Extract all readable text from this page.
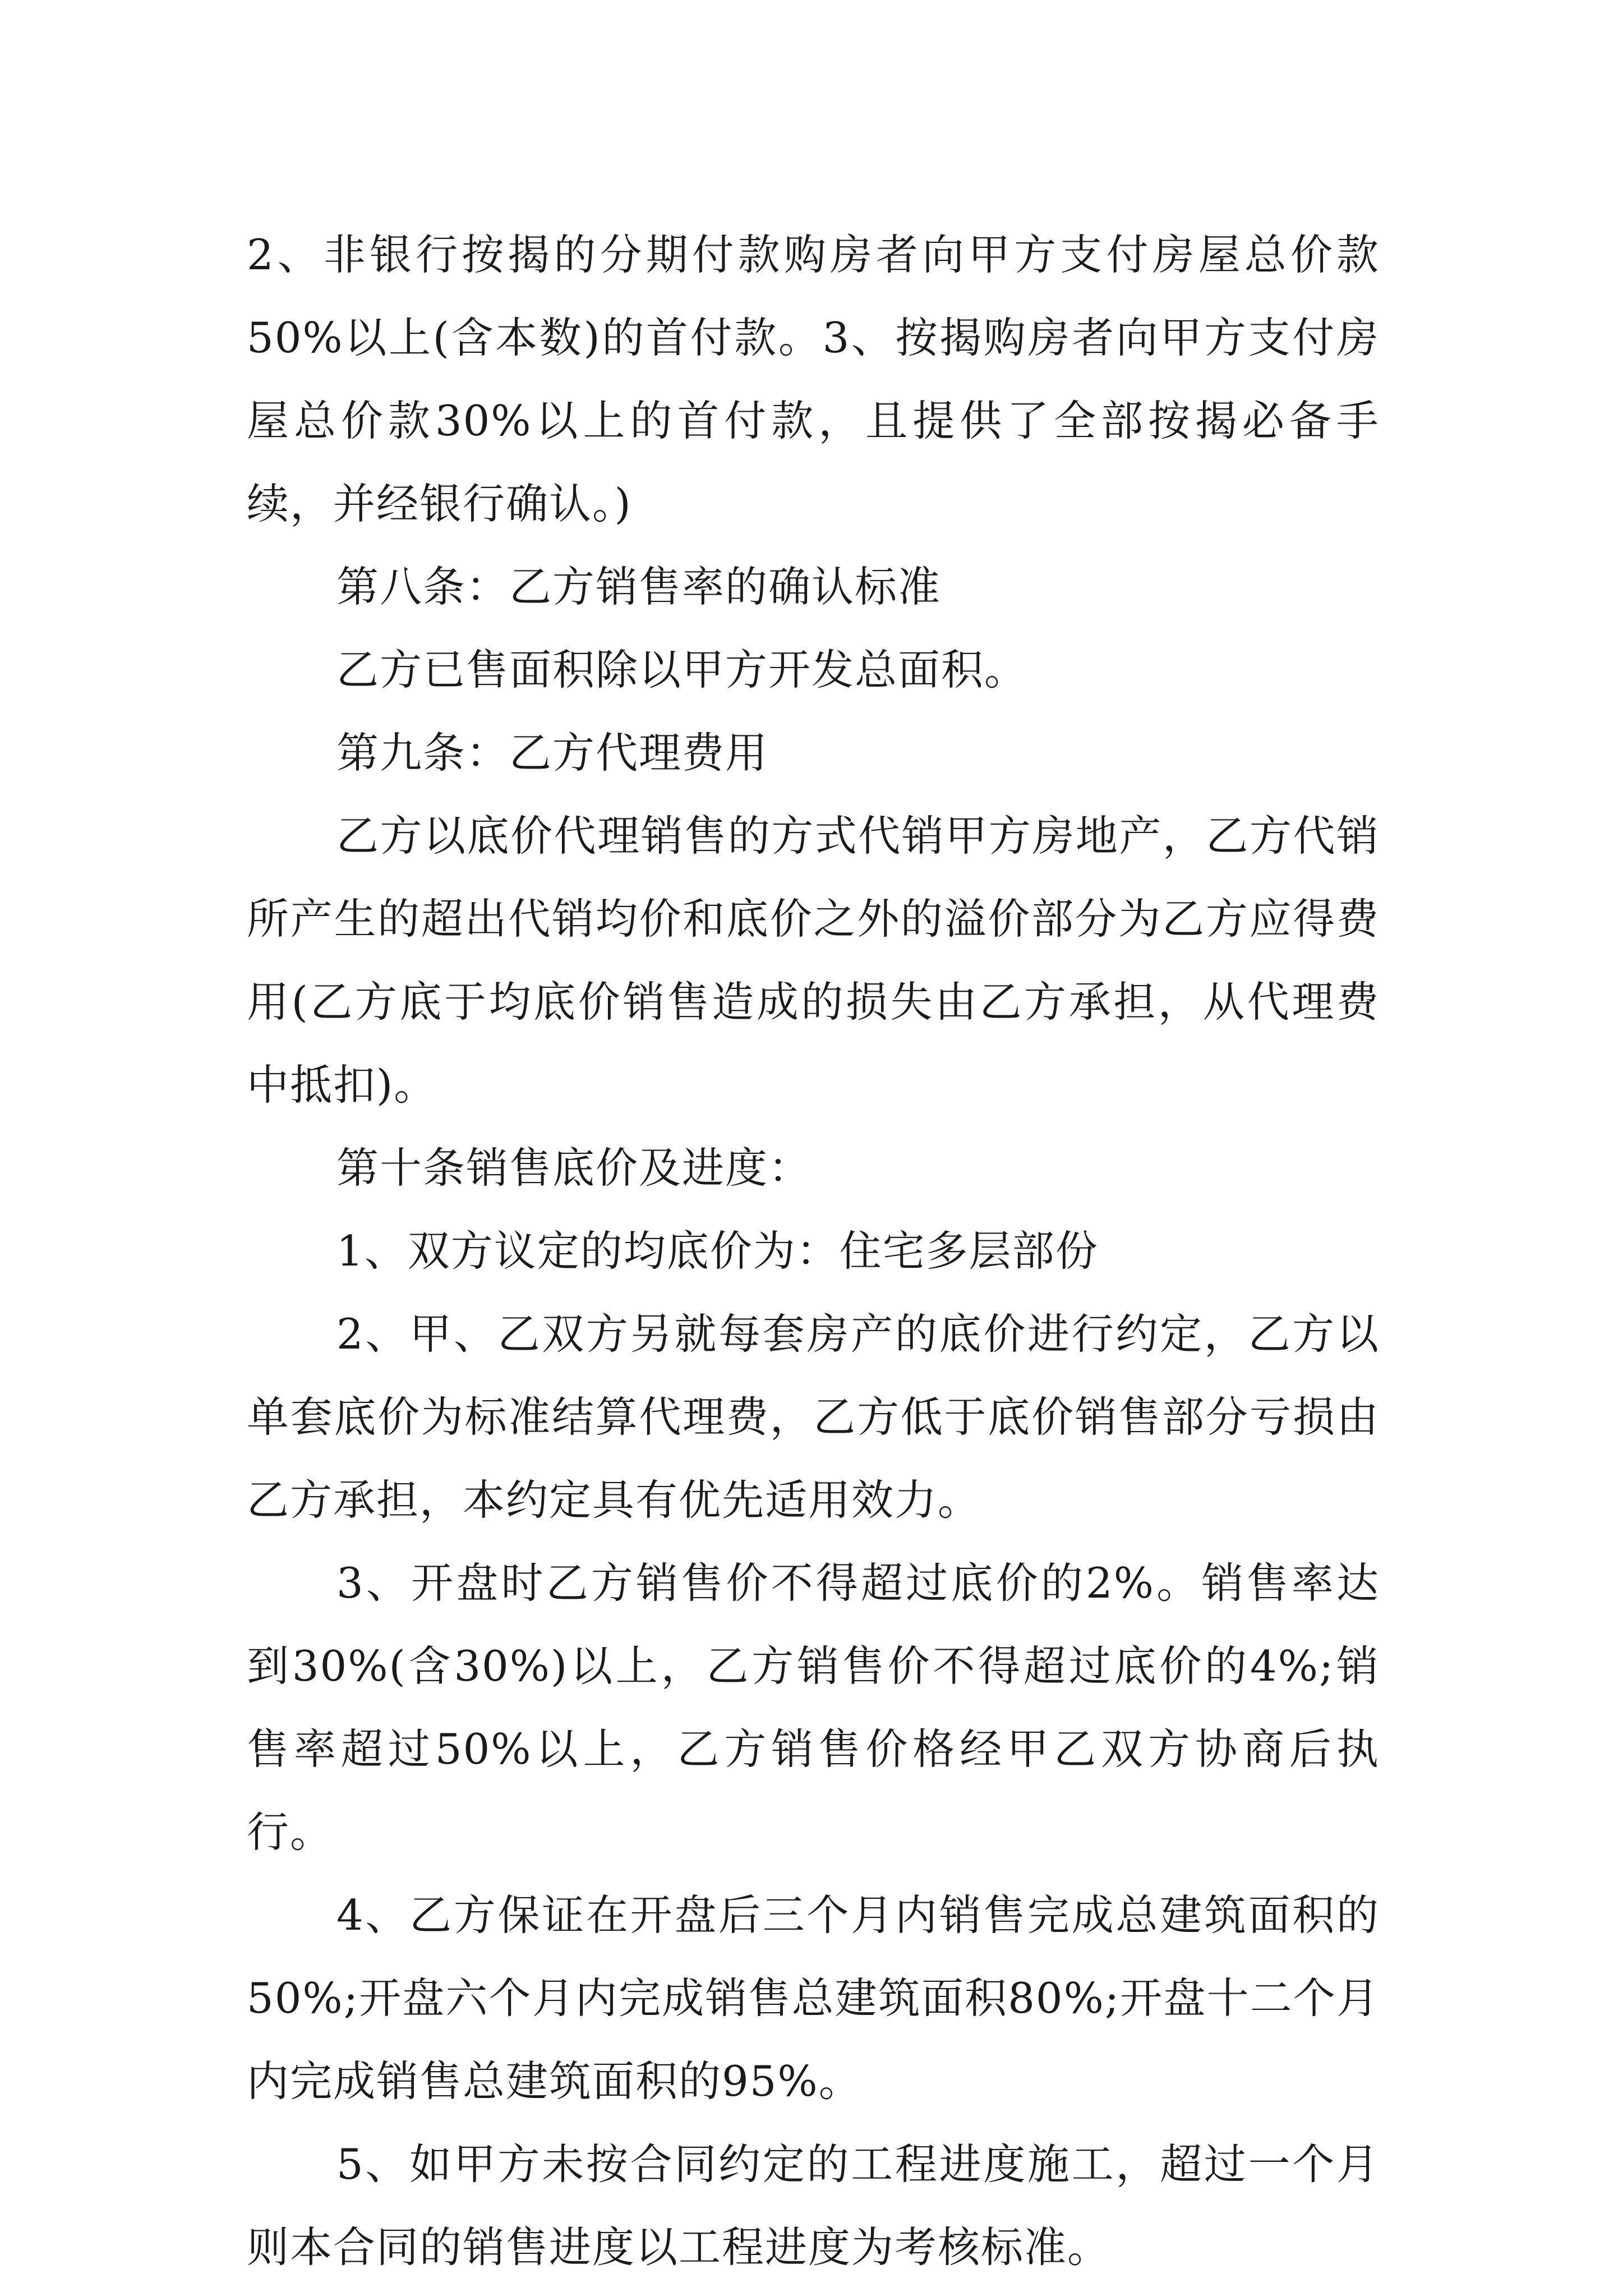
2、非银行按揭的分期付款购房者向甲方支付房屋总价款50%以上(含本数)的首付款。3、按揭购房者向甲方支付房屋总价款30%以上的首付款，且提供了全部按揭必备手续，并经银行确认。)

第八条：乙方销售率的确认标准

乙方已售面积除以甲方开发总面积。

第九条：乙方代理费用

乙方以底价代理销售的方式代销甲方房地产，乙方代销所产生的超出代销均价和底价之外的溢价部分为乙方应得费用(乙方底于均底价销售造成的损失由乙方承担，从代理费中抵扣)。

第十条销售底价及进度：

1、双方议定的均底价为：住宅多层部份

2、甲、乙双方另就每套房产的底价进行约定，乙方以单套底价为标准结算代理费，乙方低于底价销售部分亏损由乙方承担，本约定具有优先适用效力。

3、开盘时乙方销售价不得超过底价的2%。销售率达到30%(含30%)以上，乙方销售价不得超过底价的4%;销售率超过50%以上，乙方销售价格经甲乙双方协商后执行。

4、乙方保证在开盘后三个月内销售完成总建筑面积的50%;开盘六个月内完成销售总建筑面积80%;开盘十二个月内完成销售总建筑面积的95%。

5、如甲方未按合同约定的工程进度施工，超过一个月则本合同的销售进度以工程进度为考核标准。
